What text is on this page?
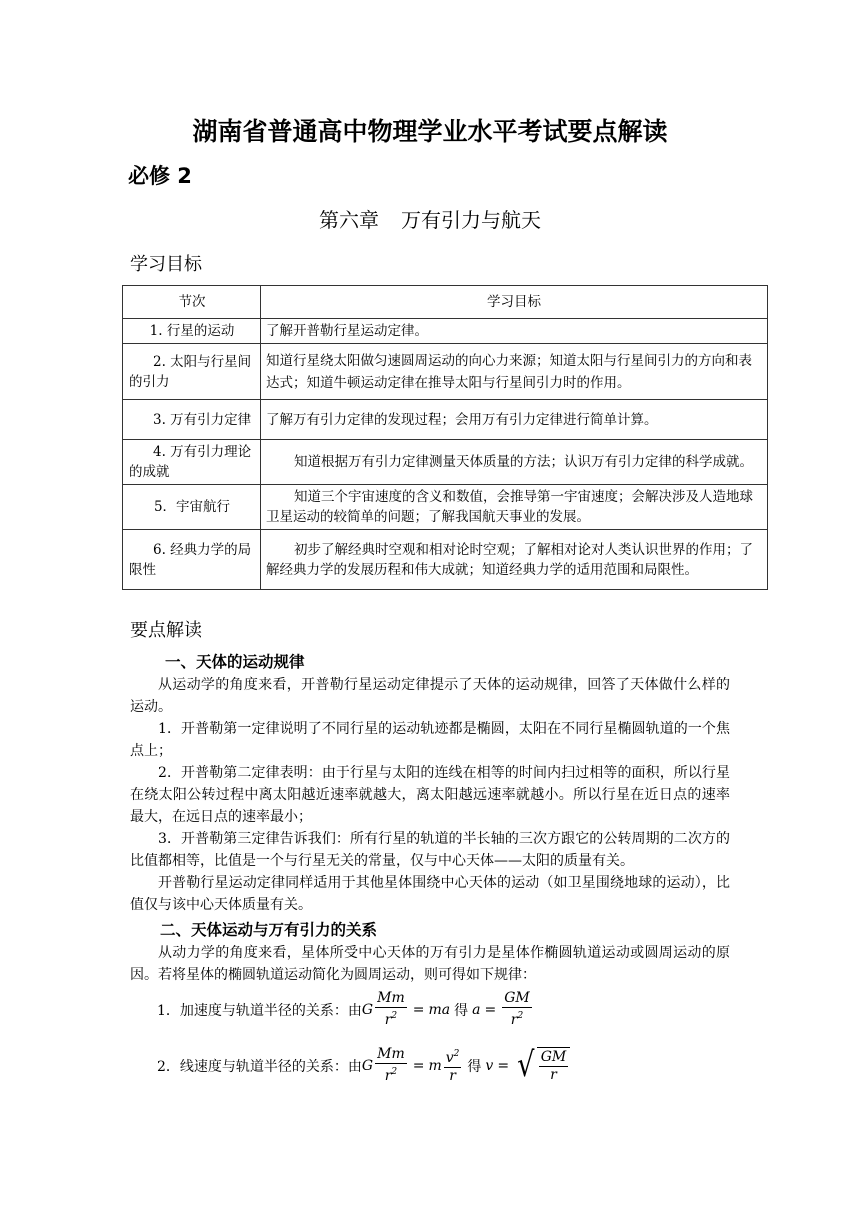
湖南省普通高中物理学业水平考试要点解读
必修 2
第六章 万有引力与航天
学习目标
节次	学习目标
1. 行星的运动	了解开普勒行星运动定律。
2. 太阳与行星间的引力	知道行星绕太阳做匀速圆周运动的向心力来源；知道太阳与行星间引力的方向和表达式；知道牛顿运动定律在推导太阳与行星间引力时的作用。
3. 万有引力定律	了解万有引力定律的发现过程；会用万有引力定律进行简单计算。
4. 万有引力理论的成就	知道根据万有引力定律测量天体质量的方法；认识万有引力定律的科学成就。
5．宇宙航行	知道三个宇宙速度的含义和数值，会推导第一宇宙速度；会解决涉及人造地球卫星运动的较简单的问题；了解我国航天事业的发展。
6. 经典力学的局限性	初步了解经典时空观和相对论时空观；了解相对论对人类认识世界的作用；了解经典力学的发展历程和伟大成就；知道经典力学的适用范围和局限性。
要点解读
一、天体的运动规律
从运动学的角度来看，开普勒行星运动定律提示了天体的运动规律，回答了天体做什么样的运动。
1．开普勒第一定律说明了不同行星的运动轨迹都是椭圆，太阳在不同行星椭圆轨道的一个焦点上；
2．开普勒第二定律表明：由于行星与太阳的连线在相等的时间内扫过相等的面积，所以行星在绕太阳公转过程中离太阳越近速率就越大，离太阳越远速率就越小。所以行星在近日点的速率最大，在远日点的速率最小；
3．开普勒第三定律告诉我们：所有行星的轨道的半长轴的三次方跟它的公转周期的二次方的比值都相等，比值是一个与行星无关的常量，仅与中心天体——太阳的质量有关。
开普勒行星运动定律同样适用于其他星体围绕中心天体的运动（如卫星围绕地球的运动），比值仅与该中心天体质量有关。
二、天体运动与万有引力的关系
从动力学的角度来看，星体所受中心天体的万有引力是星体作椭圆轨道运动或圆周运动的原因。若将星体的椭圆轨道运动简化为圆周运动，则可得如下规律：
1．加速度与轨道半径的关系：由 G $\frac{Mm}{r^2}$ = ma 得 $a = \frac{GM}{r^2}$
2．线速度与轨道半径的关系：由 G $\frac{Mm}{r^2} = m \frac{v^2}{r}$ 得 v = √ $\frac{GM}{r}$
